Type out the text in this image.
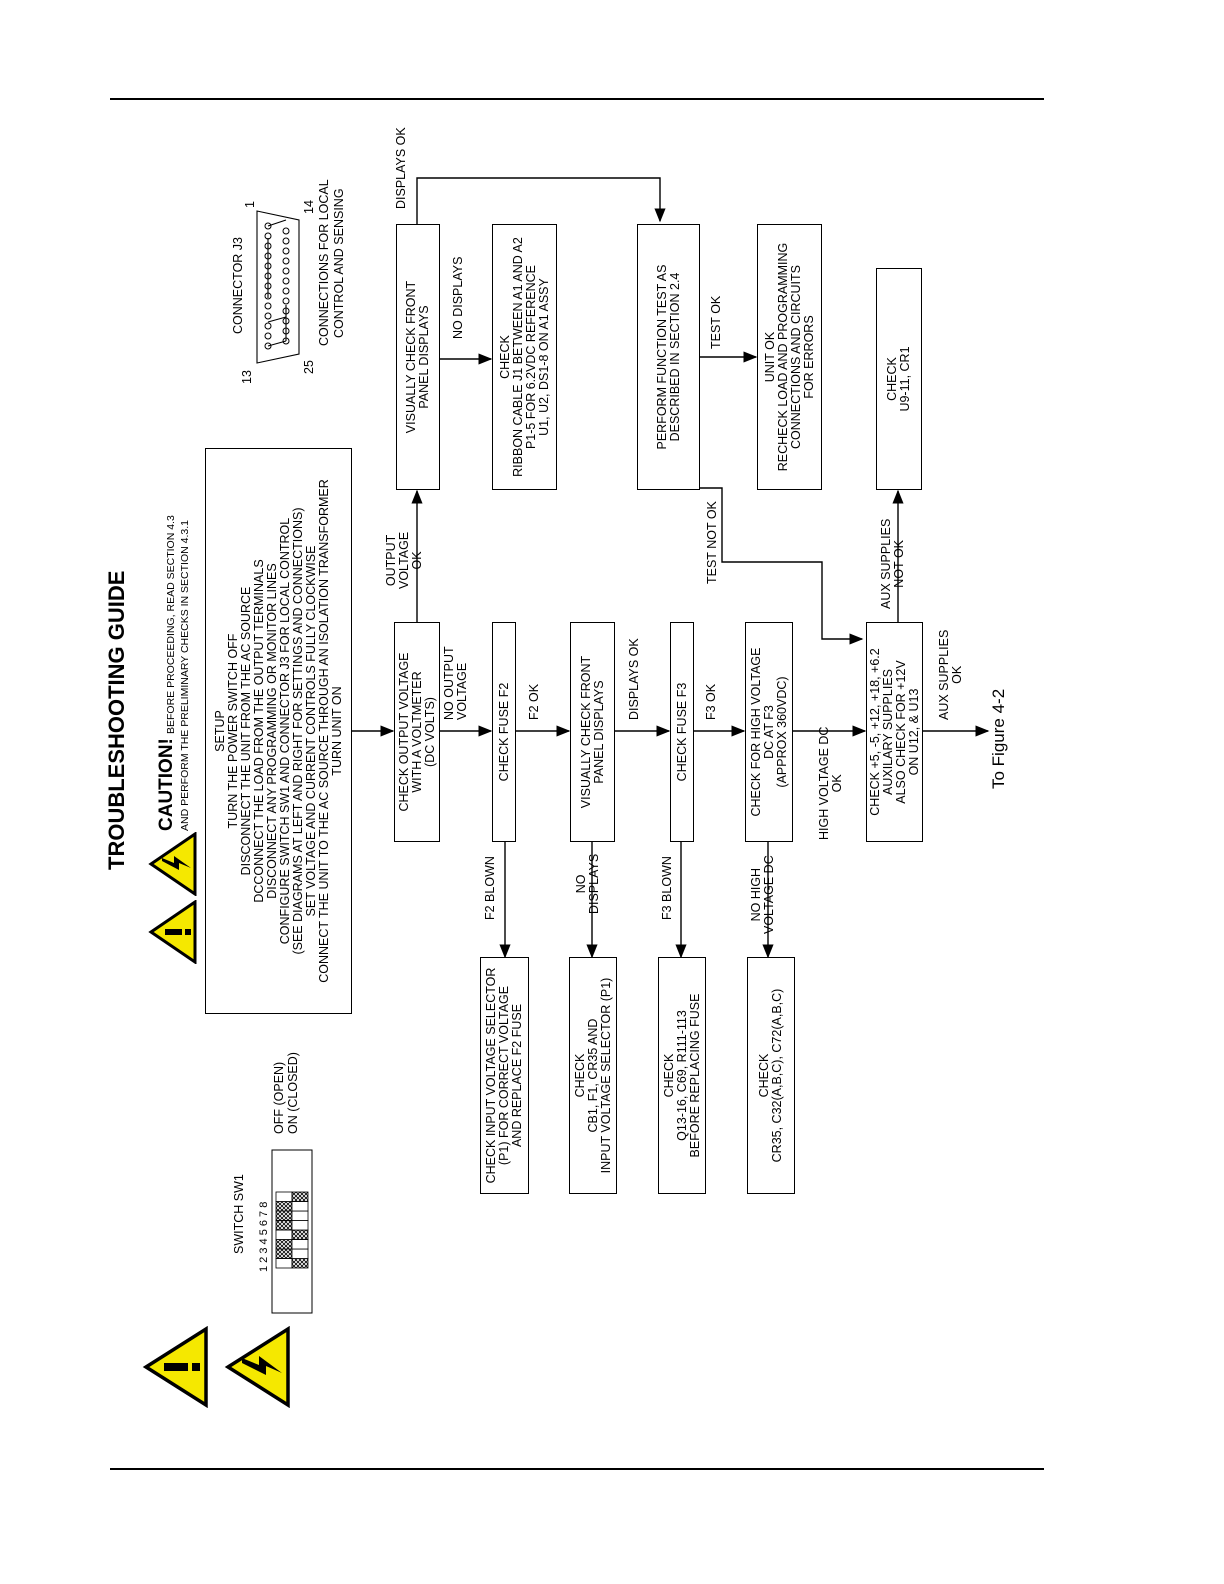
TROUBLESHOOTING GUIDE CAUTION!
BEFORE PROCEEDING, READ SECTION 4.3 AND PERFORM THE PRELIMINARY CHECKS IN SECTION 4.3.1 SETUP TURN THE POWER SWITCH OFF DISCONNECT THE UNIT FROM THE AC SOURCE DCCONNECT THE LOAD FROM THE OUTPUT TERMINALS DISCONNECT ANY PROGRAMMING OR MONITOR LINES CONFIGURE SWITCH SW1 AND CONNECTOR J3 FOR LOCAL CONTROL (SEE DIAGRAMS AT LEFT AND RIGHT FOR SETTINGS AND CONNECTIONS) SET VOLTAGE AND CURRENT CONTROLS FULLY CLOCKWISE CONNECT THE UNIT TO THE AC SOURCE THROUGH AN ISOLATION TRANSFORMER TURN UNIT ON
SWITCH SW1 1 2 3 4 5 6 7 8
OFF (OPEN) ON (CLOSED)
CONNECTOR J3
13
1
25
14 CONNECTIONS FOR LOCAL CONTROL AND SENSING
CHECK OUTPUT VOLTAGE WITH A VOLTMETER (DC VOLTS)	CHECK FUSE F2	VISUALLY CHECK FRONT PANEL DISPLAYS	CHECK FUSE F3	CHECK FOR HIGH VOLTAGE DC AT F3 (APPROX 360VDC)	CHECK +5, -5, +12, +18, +6.2 AUXILARY SUPPLIES ALSO CHECK FOR +12V ON U12, & U13	To Figure 4-2
VISUALLY CHECK FRONT PANEL DISPLAYS	CHECK RIBBON CABLE J1 BETWEEN A1 AND A2 P1-5 FOR 6.2VDC REFERENCE U1, U2, DS1-8 ON A1 ASSY	PERFORM FUNCTION TEST AS DESCRIBED IN SECTION 2.4	UNIT OK RECHECK LOAD AND PROGRAMMING CONNECTIONS AND CIRCUITS FOR ERRORS	CHECK U9-11, CR1
CHECK INPUT VOLTAGE SELECTOR (P1) FOR CORRECT VOLTAGE AND REPLACE F2 FUSE	CHECK CB1, F1, CR35 AND INPUT VOLTAGE SELECTOR (P1)	CHECK Q13-16, C69, R111-113 BEFORE REPLACING FUSE	CHECK CR35, C32(A,B,C), C72(A,B,C)
OUTPUT
VOLTAGE
OK
NO OUTPUT
VOLTAGE	F2 OK	DISPLAYS OK	F3 OK
HIGH VOLTAGE DC
OK
AUX SUPPLIES
OK
AUX SUPPLIES
NOT OK
F2 BLOWN	NO
DISPLAYS	F3 BLOWN	NO HIGH
VOLTAGE DC
NO DISPLAYS
DISPLAYS OK
TEST OK
TEST NOT OK
